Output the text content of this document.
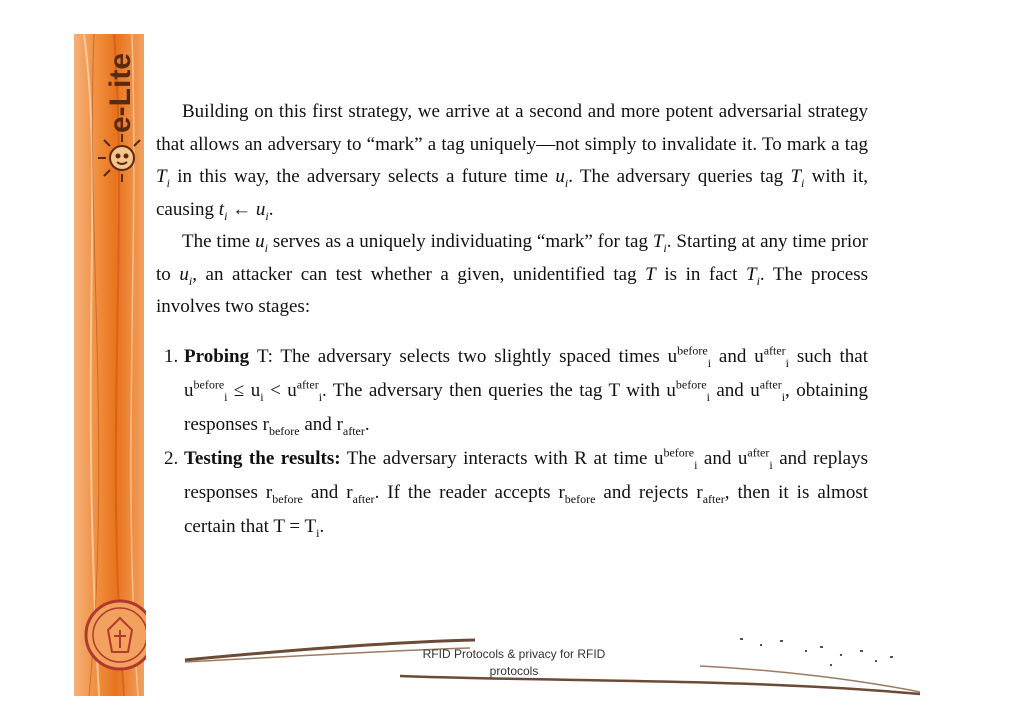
e-Lite	Building on this first strategy, we arrive at a second and more potent adversarial strategy that allows an adversary to “mark” a tag uniquely—not simply to invalidate it. To mark a tag $T_i$ in this way, the adversary selects a future time $u_i$. The adversary queries tag $T_i$ with it, causing $t_i$ ← $u_i$.

The time $u_i$ serves as a uniquely individuating “mark” for tag $T_i$. Starting at any time prior to $u_i$, an attacker can test whether a given, unidentified tag T is in fact $T_i$. The process involves two stages:

1. Probing T: The adversary selects two slightly spaced times $u^{before}_i$ and $u^{after}_i$ such that $u^{before}_i \le u_i < u^{after}_i$. The adversary then queries the tag T with $u^{before}_i$ and $u^{after}_i$, obtaining responses $r_{before}$ and $r_{after}$.
2. Testing the results: The adversary interacts with R at time $u^{before}_i$ and $u^{after}_i$ and replays responses $r_{before}$ and $r_{after}$. If the reader accepts $r_{before}$ and rejects $r_{after}$, then it is almost certain that $T = T_i$.
RFID Protocols & privacy for RFID
protocols
